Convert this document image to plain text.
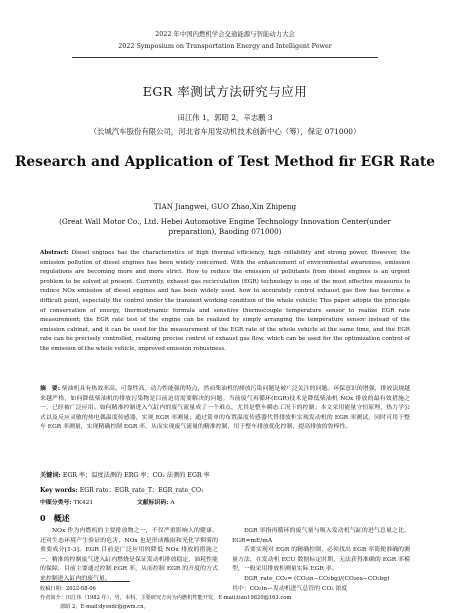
2022 年中国内燃机学会交通能源与智能动力大会
2022 Symposium on Transportation Energy and Intelligent Power
EGR 率测试方法研究与应用
田江伟 1，郭昭 2，辛志鹏 3
（长城汽车股份有限公司，河北省车用发动机技术创新中心（筹），保定 071000）
Research and Application of Test Method fir EGR Rate
TIAN Jiangwei, GUO Zhao,Xin Zhipeng
(Great Wall Motor Co., Ltd. Hebei Automotive Engine Technology Innovation Center(under preparation), Baoding 071000)
Abstract: Diesel engines has the characteristics of high thermal efficiency, high reliability and strong power, However, the emission pollution of diesel engines has been widely concerned. With the enhancement of environmental awareness, emission regulations are becoming more and more strict. How to reduce the emission of pollutants from diesel engines is an urgent problem to be solved at present. Currently, exhaust gas recirculation (EGR) technology is one of the most effective measures to reduce NOx emission of diesel engines and has been widely used. how to accurately control exhaust gas flow has become a difficult point, especially the control under the transient working condition of the whole vehicle; This paper adopts the principle of conservation of energy, thermodynamic formula and sensitive thermocouple temperature sensor to realize EGR rate measurement; the EGR rate test of the engine can be realized by simply arranging the temperature sensor instead of the emission cabinet, and it can be used for the measurement of the EGR rate of the whole vehicle at the same time, and the EGR rate can be precisely controlled, realizing precise control of exhaust gas flow, which can be used for the optimization control of the emission of the whole vehicle, improved emission robustness.
摘　要: 柴油机具有热效率高、可靠性高、动力性能强的特点，然而柴油机的排放污染问题是被广泛关注的问题。环保意识的增强，排放法规越来越严格，如何降低柴油机的排放污染物是目前迫切需要解决的问题。当前废气再循环(EGR)技术是降低柴油机 NOx 排放的最有效措施之一，已经被广泛应用。如何精准控制进入气缸内的废气流量成了一个难点，尤其是整车瞬态工况下的控制；本文采用能量守恒原理、热力学公式以及反应灵敏的热电偶温度传感器，实现 EGR 率测量；通过简单的布置温度传感器代替排放柜实现发动机的 EGR 率测试，同时可用于整车 EGR 率测量，实现精确控制 EGR 率，从而实现废气流量的精准控制，用于整车排放优化控制，提高排放的鲁棒性。
关键词: EGR 率；温度法测的 ERG 率；CO₂ 法测的 EGR 率
Key words: EGR rate；EGR_rate_T；EGR_rate_CO₂
中图分类号: TK421	文献标识码: A
0　概述
NOx 作为内燃机的主要排放物之一，不仅严重影响人的健康，还对生态环境产生验证的危害，NOx 也是形成酸雨和光化学烟雾的重要成分[1-3]。EGR 目前是广泛应用的降低 NOx 排放的措施之一，精准的控制废气进入缸内燃烧是保证发动机排放稳定，油耗性能的保障，目前主要通过控制 EGR 率，从而控制 EGR 的开度的方式来控制进入缸内的废气量。
EGR 率指再循环的废气量与吸入发动机气缸的进气总量之比，EGR=mE/mA
若要实现对 EGR 的精确控制，必须找出 EGR 率简便准确的测量方法，在发动机 ECU 数据标定时期，无法获得准确的 EGR 率模型，一般采用排放柜测量实际 EGR 率。
EGR_rate_CO₂= (CO₂in−CO₂bg)/(CO₂ex−CO₂bg)
其中：CO₂in—发动机进气总管的 CO₂ 浓度
收稿日期：2022-08-06
作者简介：田江伟（1982 年），男，本科，主要研究方向为内燃机性能开发，E-mail:tian19820@163.com
郭昭 2，E-mail:dysndc@gwm.cn。
